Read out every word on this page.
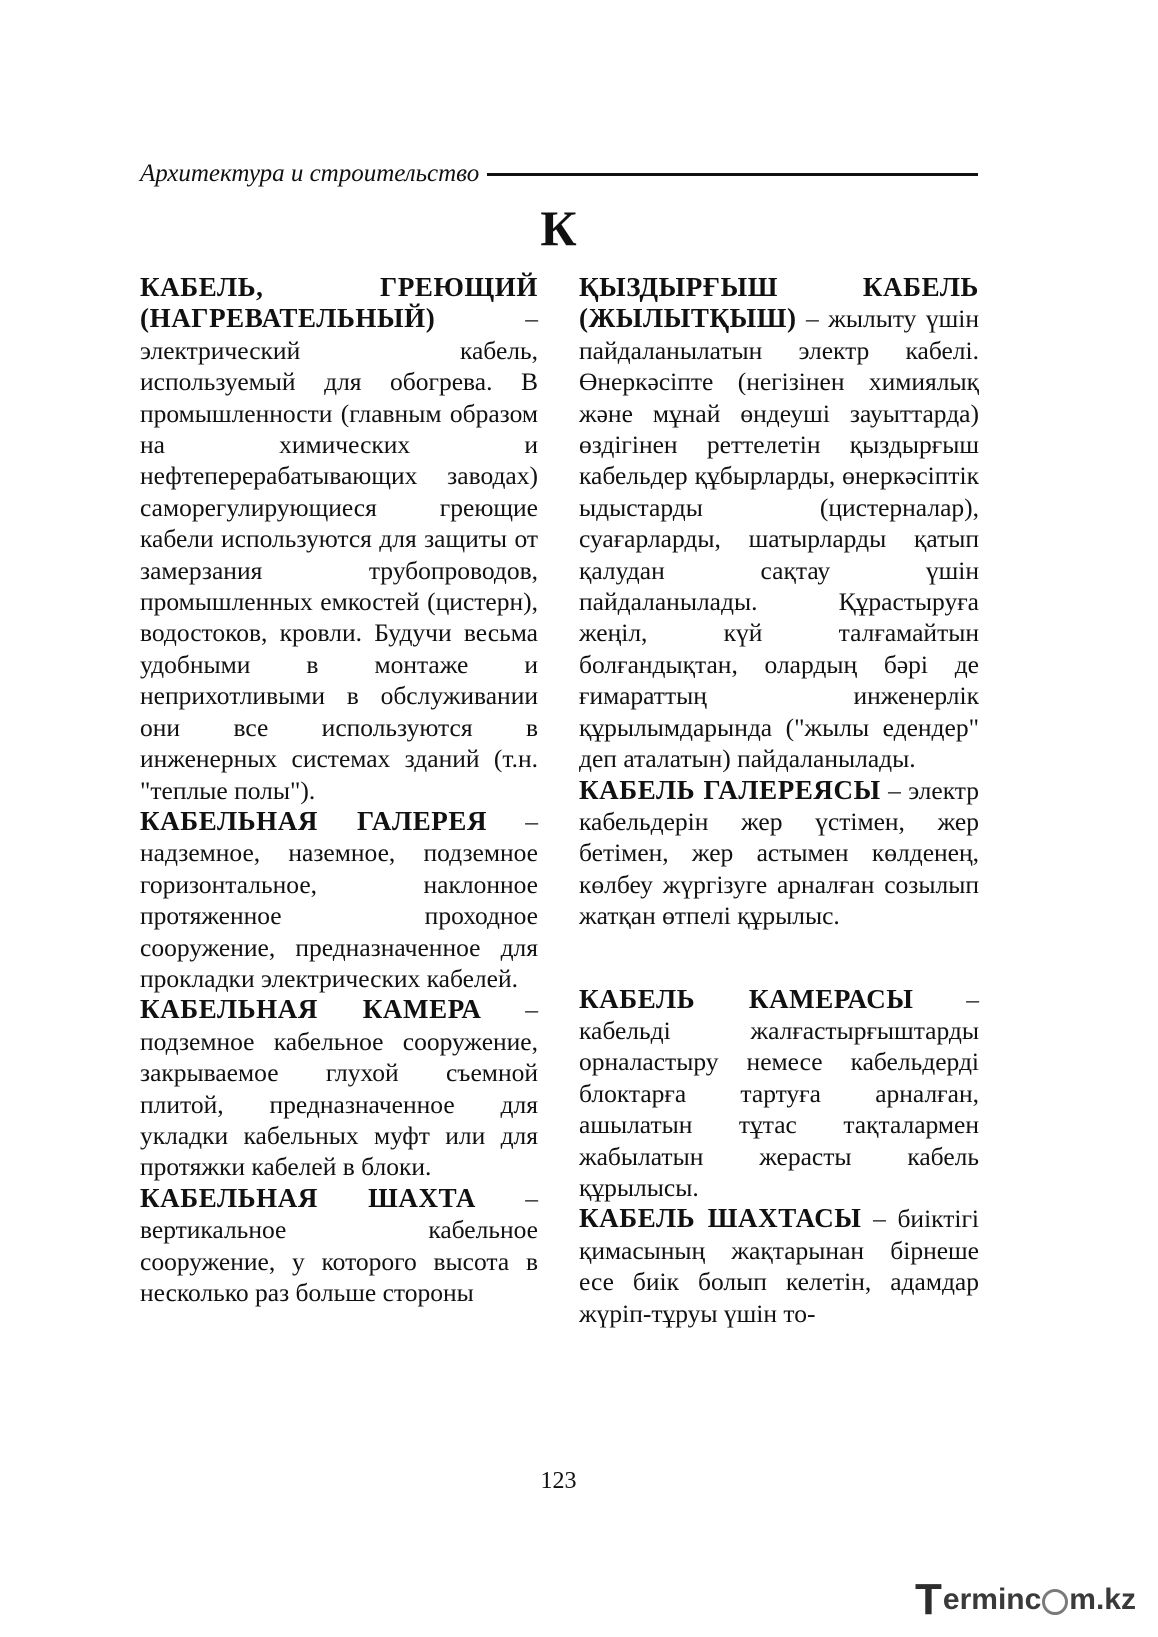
Архитектура и строительство
К

КАБЕЛЬ, ГРЕЮЩИЙ (НАГРЕВАТЕЛЬНЫЙ) – электрический кабель, используемый для обогрева. В промышленности (главным образом на химических и нефтеперерабатывающих заводах) саморегулирующиеся греющие кабели используются для защиты от замерзания трубопроводов, промышленных емкостей (цистерн), водостоков, кровли. Будучи весьма удобными в монтаже и неприхотливыми в обслуживании они все используются в инженерных системах зданий (т.н. "теплые полы").

КАБЕЛЬНАЯ ГАЛЕРЕЯ – надземное, наземное, подземное горизонтальное, наклонное протяженное проходное сооружение, предназначенное для прокладки электрических кабелей.

КАБЕЛЬНАЯ КАМЕРА – подземное кабельное сооружение, закрываемое глухой съемной плитой, предназначенное для укладки кабельных муфт или для протяжки кабелей в блоки.

КАБЕЛЬНАЯ ШАХТА – вертикальное кабельное сооружение, у которого высота в несколько раз больше стороны

ҚЫЗДЫРҒЫШ КАБЕЛЬ (ЖЫЛЫТҚЫШ) – жылыту үшін пайдаланылатын электр кабелі. Өнеркәсіпте (негізінен химиялық және мұнай өндеуші зауыттарда) өздігінен реттелетін қыздырғыш кабельдер құбырларды, өнеркәсіптік ыдыстарды (цистерналар), суағарларды, шатырларды қатып қалудан сақтау үшін пайдаланылады. Құрастыруға жеңіл, күй талғамайтын болғандықтан, олардың бәрі де ғимараттың инженерлік құрылымдарында ("жылы едендер" деп аталатын) пайдаланылады.

КАБЕЛЬ ГАЛЕРЕЯСЫ – электр кабельдерін жер үстімен, жер бетімен, жер астымен көлденең, көлбеу жүргізуге арналған созылып жатқан өтпелі құрылыс.

КАБЕЛЬ КАМЕРАСЫ – кабельді жалғастырғыштарды орналастыру немесе кабельдерді блоктарға тартуға арналған, ашылатын тұтас тақталармен жабылатын жерасты кабель құрылысы.

КАБЕЛЬ ШАХТАСЫ – биіктігі қимасының жақтарынан бірнеше есе биік болып келетін, адамдар жүріп-тұруы үшін то-

123
T ermin c m.kz
